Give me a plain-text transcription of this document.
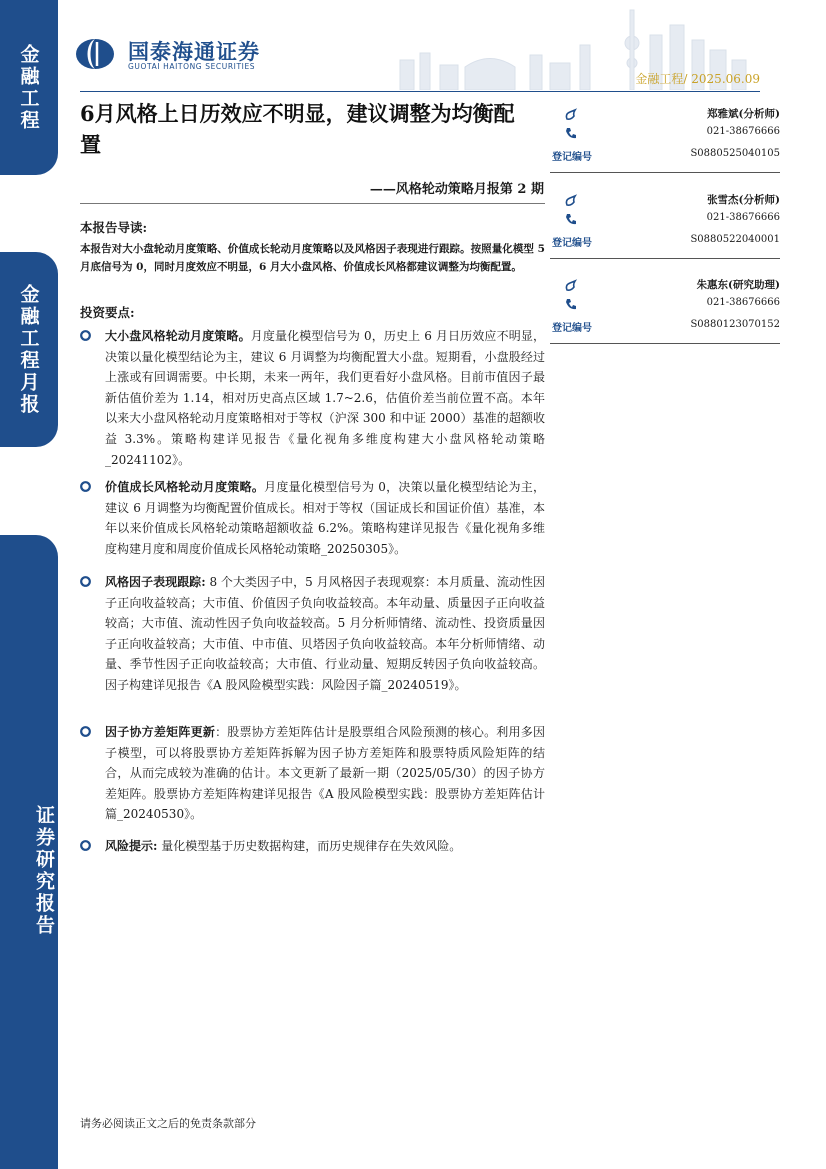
金融工程
金融工程月报
证券研究报告
国泰海通证券
GUOTAI HAITONG SECURITIES
金融工程/ 2025.06.09
6月风格上日历效应不明显，建议调整为均衡配置
——风格轮动策略月报第 2 期
本报告导读:
本报告对大小盘轮动月度策略、价值成长轮动月度策略以及风格因子表现进行跟踪。按照量化模型 5 月底信号为 0，同时月度效应不明显，6 月大小盘风格、价值成长风格都建议调整为均衡配置。
投资要点:
大小盘风格轮动月度策略。月度量化模型信号为 0，历史上 6 月日历效应不明显，决策以量化模型结论为主，建议 6 月调整为均衡配置大小盘。短期看，小盘股经过上涨或有回调需要。中长期，未来一两年，我们更看好小盘风格。目前市值因子最新估值价差为 1.14，相对历史高点区域 1.7~2.6，估值价差当前位置不高。本年以来大小盘风格轮动月度策略相对于等权（沪深 300 和中证 2000）基准的超额收益 3.3%。策略构建详见报告《量化视角多维度构建大小盘风格轮动策略_20241102》。
价值成长风格轮动月度策略。月度量化模型信号为 0，决策以量化模型结论为主，建议 6 月调整为均衡配置价值成长。相对于等权（国证成长和国证价值）基准，本年以来价值成长风格轮动策略超额收益 6.2%。策略构建详见报告《量化视角多维度构建月度和周度价值成长风格轮动策略_20250305》。
风格因子表现跟踪: 8 个大类因子中，5 月风格因子表现观察：本月质量、流动性因子正向收益较高；大市值、价值因子负向收益较高。本年动量、质量因子正向收益较高；大市值、流动性因子负向收益较高。5 月分析师情绪、流动性、投资质量因子正向收益较高；大市值、中市值、贝塔因子负向收益较高。本年分析师情绪、动量、季节性因子正向收益较高；大市值、行业动量、短期反转因子负向收益较高。因子构建详见报告《A 股风险模型实践：风险因子篇_20240519》。
因子协方差矩阵更新：股票协方差矩阵估计是股票组合风险预测的核心。利用多因子模型，可以将股票协方差矩阵拆解为因子协方差矩阵和股票特质风险矩阵的结合，从而完成较为准确的估计。本文更新了最新一期（2025/05/30）的因子协方差矩阵。股票协方差矩阵构建详见报告《A 股风险模型实践：股票协方差矩阵估计篇_20240530》。
风险提示: 量化模型基于历史数据构建，而历史规律存在失效风险。
郑雅斌(分析师)
021-38676666
登记编号	S0880525040105
张雪杰(分析师)
021-38676666
登记编号	S0880522040001
朱惠东(研究助理)
021-38676666
登记编号	S0880123070152
请务必阅读正文之后的免责条款部分
